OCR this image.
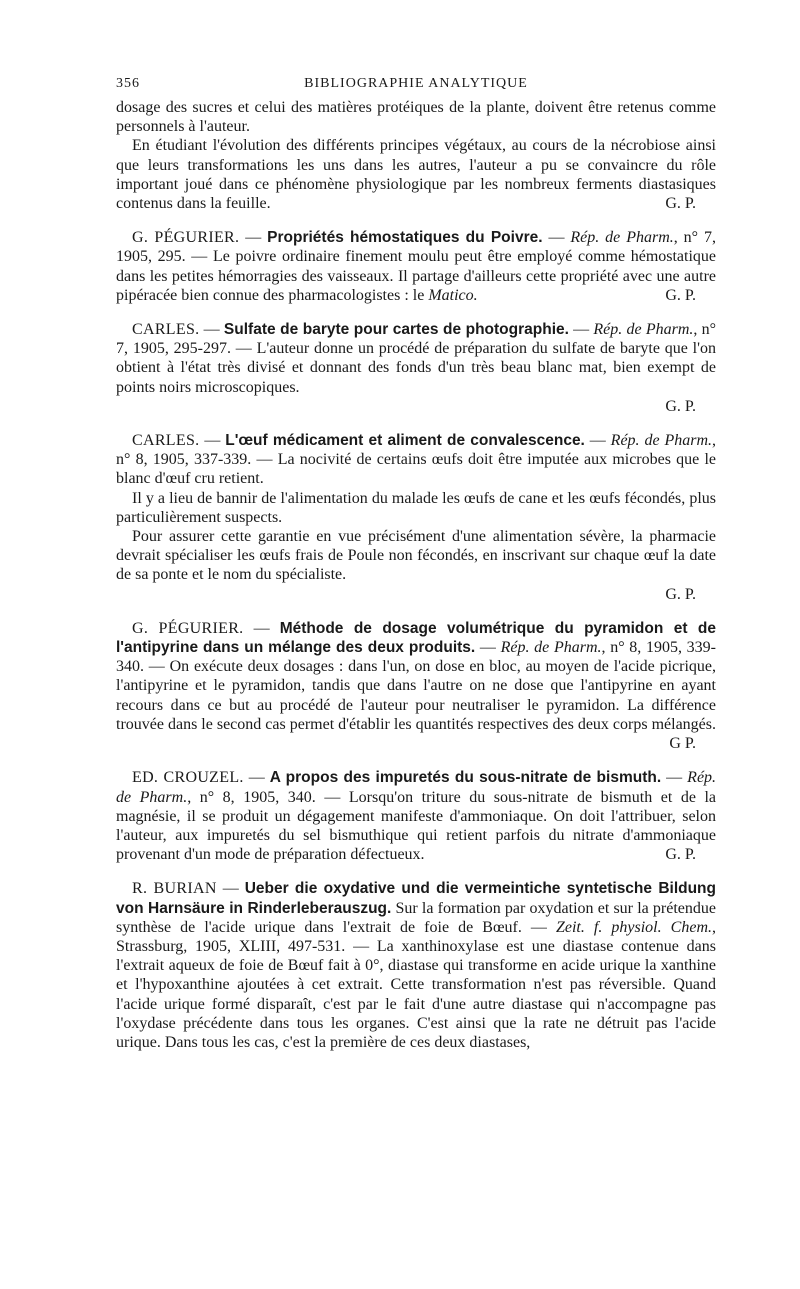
356	BIBLIOGRAPHIE ANALYTIQUE

dosage des sucres et celui des matières protéiques de la plante, doivent être retenus comme personnels à l'auteur.

En étudiant l'évolution des différents principes végétaux, au cours de la nécrobiose ainsi que leurs transformations les uns dans les autres, l'auteur a pu se convaincre du rôle important joué dans ce phénomène physiologique par les nombreux ferments diastasiques contenus dans la feuille.	G. P.

G. PÉGURIER. — Propriétés hémostatiques du Poivre. — Rép. de Pharm., n° 7, 1905, 295. — Le poivre ordinaire finement moulu peut être employé comme hémostatique dans les petites hémorragies des vaisseaux. Il partage d'ailleurs cette propriété avec une autre pipéracée bien connue des pharmacologistes : le Matico.	G. P.

CARLES. — Sulfate de baryte pour cartes de photographie. — Rép. de Pharm., n° 7, 1905, 295-297. — L'auteur donne un procédé de préparation du sulfate de baryte que l'on obtient à l'état très divisé et donnant des fonds d'un très beau blanc mat, bien exempt de points noirs microscopiques.

G. P.

CARLES. — L'œuf médicament et aliment de convalescence. — Rép. de Pharm., n° 8, 1905, 337-339. — La nocivité de certains œufs doit être imputée aux microbes que le blanc d'œuf cru retient.

Il y a lieu de bannir de l'alimentation du malade les œufs de cane et les œufs fécondés, plus particulièrement suspects.

Pour assurer cette garantie en vue précisément d'une alimentation sévère, la pharmacie devrait spécialiser les œufs frais de Poule non fécondés, en inscrivant sur chaque œuf la date de sa ponte et le nom du spécialiste.

G. P.

G. PÉGURIER. — Méthode de dosage volumétrique du pyramidon et de l'antipyrine dans un mélange des deux produits. — Rép. de Pharm., n° 8, 1905, 339-340. — On exécute deux dosages : dans l'un, on dose en bloc, au moyen de l'acide picrique, l'antipyrine et le pyramidon, tandis que dans l'autre on ne dose que l'antipyrine en ayant recours dans ce but au procédé de l'auteur pour neutraliser le pyramidon. La différence trouvée dans le second cas permet d'établir les quantités respectives des deux corps mélangés.

G P.

ED. CROUZEL. — A propos des impuretés du sous-nitrate de bismuth. — Rép. de Pharm., n° 8, 1905, 340. — Lorsqu'on triture du sous-nitrate de bismuth et de la magnésie, il se produit un dégagement manifeste d'ammoniaque. On doit l'attribuer, selon l'auteur, aux impuretés du sel bismuthique qui retient parfois du nitrate d'ammoniaque provenant d'un mode de préparation défectueux.	G. P.

R. BURIAN — Ueber die oxydative und die vermeintiche syntetische Bildung von Harnsäure in Rinderleberauszug. Sur la formation par oxydation et sur la prétendue synthèse de l'acide urique dans l'extrait de foie de Bœuf. — Zeit. f. physiol. Chem., Strassburg, 1905, XLIII, 497-531. — La xanthinoxylase est une diastase contenue dans l'extrait aqueux de foie de Bœuf fait à 0°, diastase qui transforme en acide urique la xanthine et l'hypoxanthine ajoutées à cet extrait. Cette transformation n'est pas réversible. Quand l'acide urique formé disparaît, c'est par le fait d'une autre diastase qui n'accompagne pas l'oxydase précédente dans tous les organes. C'est ainsi que la rate ne détruit pas l'acide urique. Dans tous les cas, c'est la première de ces deux diastases,
